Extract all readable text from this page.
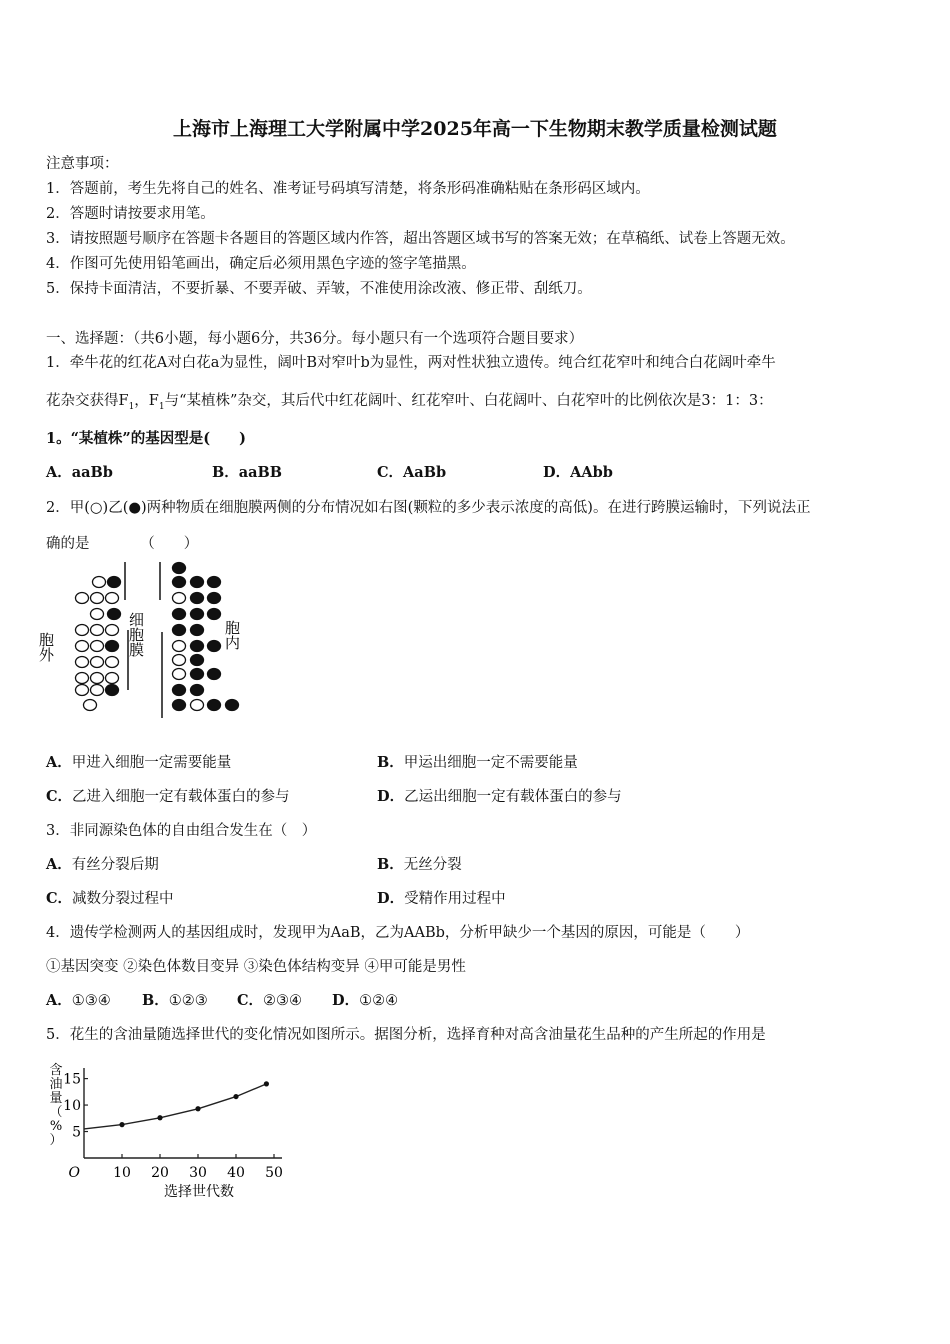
上海市上海理工大学附属中学2025年高一下生物期末教学质量检测试题
注意事项：
1．答题前，考生先将自己的姓名、准考证号码填写清楚，将条形码准确粘贴在条形码区域内。
2．答题时请按要求用笔。
3．请按照题号顺序在答题卡各题目的答题区域内作答，超出答题区域书写的答案无效；在草稿纸、试卷上答题无效。
4．作图可先使用铅笔画出，确定后必须用黑色字迹的签字笔描黑。
5．保持卡面清洁，不要折暴、不要弄破、弄皱，不准使用涂改液、修正带、刮纸刀。
一、选择题：（共6小题，每小题6分，共36分。每小题只有一个选项符合题目要求）
1．牵牛花的红花A对白花a为显性，阔叶B对窄叶b为显性，两对性状独立遗传。纯合红花窄叶和纯合白花阔叶牵牛
花杂交获得$F_1$，$F_1$与“某植株”杂交，其后代中红花阔叶、红花窄叶、白花阔叶、白花窄叶的比例依次是3：1：3：
1。“某植株”的基因型是(　　)
A．aaBb	B．aaBB	C．AaBb	D．AAbb
2．甲(○)乙(●)两种物质在细胞膜两侧的分布情况如右图(颗粒的多少表示浓度的高低)。在进行跨膜运输时，下列说法正
确的是　　　　（　　）
胞外	细胞膜	胞内
A．甲进入细胞一定需要能量	B．甲运出细胞一定不需要能量
C．乙进入细胞一定有载体蛋白的参与	D．乙运出细胞一定有载体蛋白的参与
3．非同源染色体的自由组合发生在（　）
A．有丝分裂后期	B．无丝分裂
C．减数分裂过程中	D．受精作用过程中
4．遗传学检测两人的基因组成时，发现甲为AaB，乙为AABb，分析甲缺少一个基因的原因，可能是（　　）
①基因突变 ②染色体数目变异 ③染色体结构变异 ④甲可能是男性
A．①③④ B．①②③ C．②③④ D．①②④
5．花生的含油量随选择世代的变化情况如图所示。据图分析，选择育种对高含油量花生品种的产生所起的作用是
含
油
量
（
%
）
10 20 30 40 50
5
10
15
O
选择世代数
